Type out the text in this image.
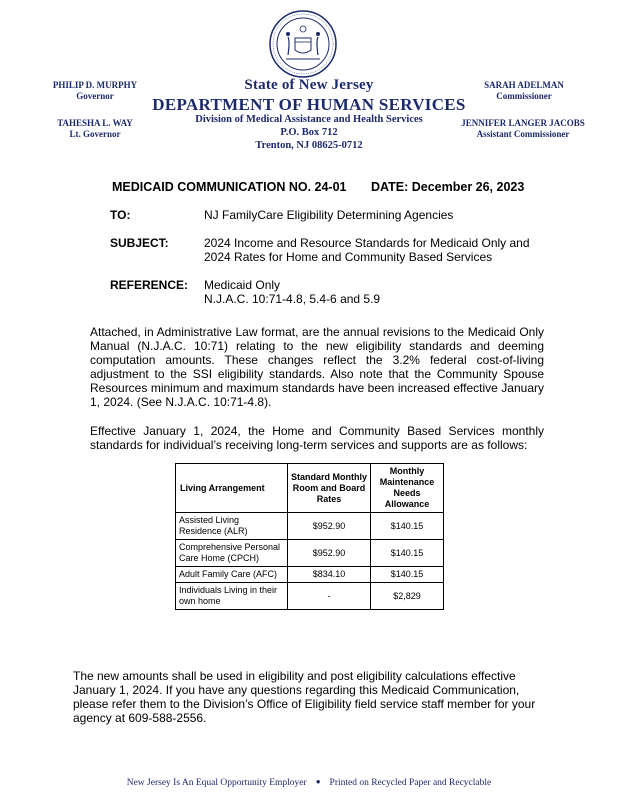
PHILIP D. MURPHY
Governor
TAHESHA L. WAY
Lt. Governor
SARAH ADELMAN
Commissioner
JENNIFER LANGER JACOBS
Assistant Commissioner
State of New Jersey
DEPARTMENT OF HUMAN SERVICES
Division of Medical Assistance and Health Services
P.O. Box 712
Trenton, NJ 08625-0712
MEDICAID COMMUNICATION NO. 24-01 DATE: December 26, 2023
TO:	NJ FamilyCare Eligibility Determining Agencies
SUBJECT:	2024 Income and Resource Standards for Medicaid Only and
2024 Rates for Home and Community Based Services
REFERENCE: Medicaid Only
N.J.A.C. 10:71-4.8, 5.4-6 and 5.9
Attached, in Administrative Law format, are the annual revisions to the Medicaid Only Manual (N.J.A.C. 10:71) relating to the new eligibility standards and deeming computation amounts. These changes reflect the 3.2% federal cost-of-living adjustment to the SSI eligibility standards. Also note that the Community Spouse Resources minimum and maximum standards have been increased effective January 1, 2024. (See N.J.A.C. 10:71-4.8).
Effective January 1, 2024, the Home and Community Based Services monthly standards for individual’s receiving long-term services and supports are as follows:
Living Arrangement	Standard Monthly Room and Board Rates	Monthly Maintenance Needs Allowance
Assisted Living Residence (ALR)	$952.90	$140.15
Comprehensive Personal Care Home (CPCH)	$952.90	$140.15
Adult Family Care (AFC)	$834.10	$140.15
Individuals Living in their own home	-	$2,829
The new amounts shall be used in eligibility and post eligibility calculations effective January 1, 2024. If you have any questions regarding this Medicaid Communication, please refer them to the Division’s Office of Eligibility field service staff member for your agency at 609-588-2556.
New Jersey Is An Equal Opportunity Employer ● Printed on Recycled Paper and Recyclable
